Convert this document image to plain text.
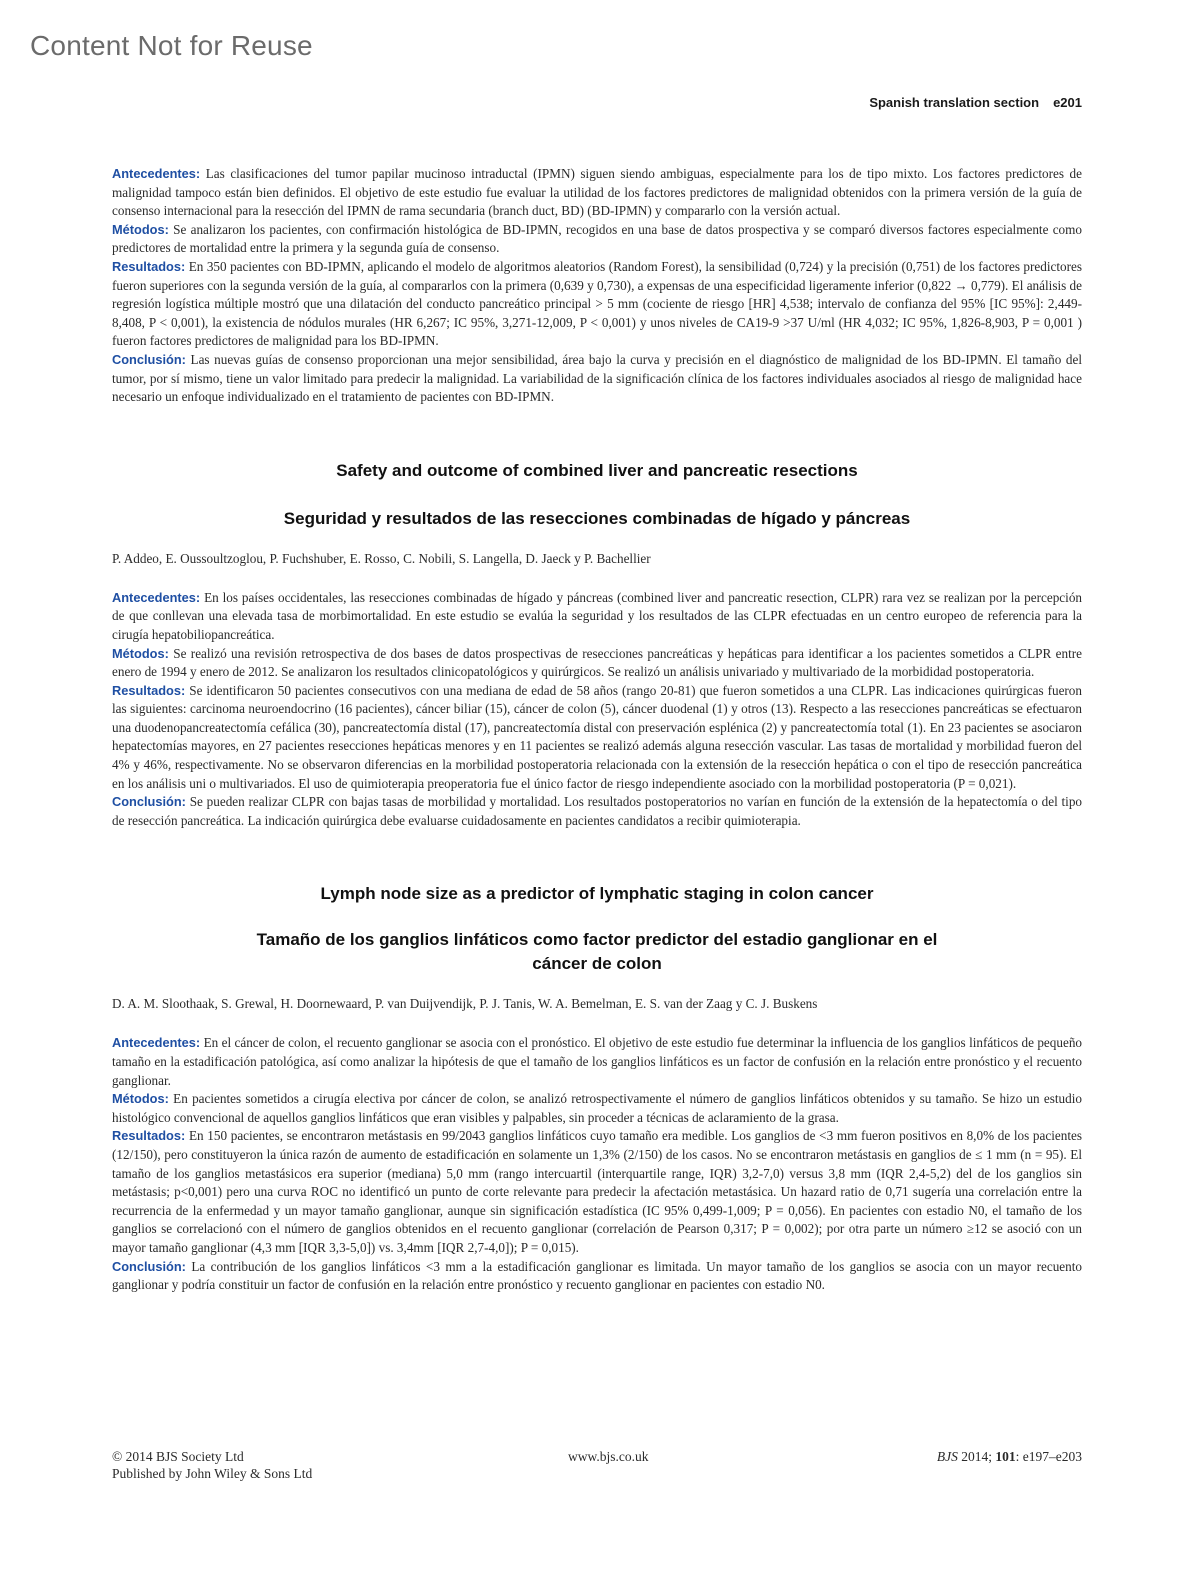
Content Not for Reuse
Spanish translation section e201

Antecedentes: Las clasificaciones del tumor papilar mucinoso intraductal (IPMN) siguen siendo ambiguas, especialmente para los de tipo mixto. Los factores predictores de malignidad tampoco están bien definidos. El objetivo de este estudio fue evaluar la utilidad de los factores predictores de malignidad obtenidos con la primera versión de la guía de consenso internacional para la resección del IPMN de rama secundaria (branch duct, BD) (BD-IPMN) y compararlo con la versión actual.

Métodos: Se analizaron los pacientes, con confirmación histológica de BD-IPMN, recogidos en una base de datos prospectiva y se comparó diversos factores especialmente como predictores de mortalidad entre la primera y la segunda guía de consenso.

Resultados: En 350 pacientes con BD-IPMN, aplicando el modelo de algoritmos aleatorios (Random Forest), la sensibilidad (0,724) y la precisión (0,751) de los factores predictores fueron superiores con la segunda versión de la guía, al compararlos con la primera (0,639 y 0,730), a expensas de una especificidad ligeramente inferior (0,822 → 0,779). El análisis de regresión logística múltiple mostró que una dilatación del conducto pancreático principal > 5 mm (cociente de riesgo [HR] 4,538; intervalo de confianza del 95% [IC 95%]: 2,449-8,408, P < 0,001), la existencia de nódulos murales (HR 6,267; IC 95%, 3,271-12,009, P < 0,001) y unos niveles de CA19-9 >37 U/ml (HR 4,032; IC 95%, 1,826-8,903, P = 0,001 ) fueron factores predictores de malignidad para los BD-IPMN.

Conclusión: Las nuevas guías de consenso proporcionan una mejor sensibilidad, área bajo la curva y precisión en el diagnóstico de malignidad de los BD-IPMN. El tamaño del tumor, por sí mismo, tiene un valor limitado para predecir la malignidad. La variabilidad de la significación clínica de los factores individuales asociados al riesgo de malignidad hace necesario un enfoque individualizado en el tratamiento de pacientes con BD-IPMN.

Safety and outcome of combined liver and pancreatic resections
Seguridad y resultados de las resecciones combinadas de hígado y páncreas

P. Addeo, E. Oussoultzoglou, P. Fuchshuber, E. Rosso, C. Nobili, S. Langella, D. Jaeck y P. Bachellier

Antecedentes: En los países occidentales, las resecciones combinadas de hígado y páncreas (combined liver and pancreatic resection, CLPR) rara vez se realizan por la percepción de que conllevan una elevada tasa de morbimortalidad. En este estudio se evalúa la seguridad y los resultados de las CLPR efectuadas en un centro europeo de referencia para la cirugía hepatobiliopancreática.

Métodos: Se realizó una revisión retrospectiva de dos bases de datos prospectivas de resecciones pancreáticas y hepáticas para identificar a los pacientes sometidos a CLPR entre enero de 1994 y enero de 2012. Se analizaron los resultados clinicopatológicos y quirúrgicos. Se realizó un análisis univariado y multivariado de la morbididad postoperatoria.

Resultados: Se identificaron 50 pacientes consecutivos con una mediana de edad de 58 años (rango 20-81) que fueron sometidos a una CLPR. Las indicaciones quirúrgicas fueron las siguientes: carcinoma neuroendocrino (16 pacientes), cáncer biliar (15), cáncer de colon (5), cáncer duodenal (1) y otros (13). Respecto a las resecciones pancreáticas se efectuaron una duodenopancreatectomía cefálica (30), pancreatectomía distal (17), pancreatectomía distal con preservación esplénica (2) y pancreatectomía total (1). En 23 pacientes se asociaron hepatectomías mayores, en 27 pacientes resecciones hepáticas menores y en 11 pacientes se realizó además alguna resección vascular. Las tasas de mortalidad y morbilidad fueron del 4% y 46%, respectivamente. No se observaron diferencias en la morbilidad postoperatoria relacionada con la extensión de la resección hepática o con el tipo de resección pancreática en los análisis uni o multivariados. El uso de quimioterapia preoperatoria fue el único factor de riesgo independiente asociado con la morbilidad postoperatoria (P = 0,021).

Conclusión: Se pueden realizar CLPR con bajas tasas de morbilidad y mortalidad. Los resultados postoperatorios no varían en función de la extensión de la hepatectomía o del tipo de resección pancreática. La indicación quirúrgica debe evaluarse cuidadosamente en pacientes candidatos a recibir quimioterapia.

Lymph node size as a predictor of lymphatic staging in colon cancer
Tamaño de los ganglios linfáticos como factor predictor del estadio ganglionar en el
cáncer de colon

D. A. M. Sloothaak, S. Grewal, H. Doornewaard, P. van Duijvendijk, P. J. Tanis, W. A. Bemelman, E. S. van der Zaag y C. J. Buskens

Antecedentes: En el cáncer de colon, el recuento ganglionar se asocia con el pronóstico. El objetivo de este estudio fue determinar la influencia de los ganglios linfáticos de pequeño tamaño en la estadificación patológica, así como analizar la hipótesis de que el tamaño de los ganglios linfáticos es un factor de confusión en la relación entre pronóstico y el recuento ganglionar.

Métodos: En pacientes sometidos a cirugía electiva por cáncer de colon, se analizó retrospectivamente el número de ganglios linfáticos obtenidos y su tamaño. Se hizo un estudio histológico convencional de aquellos ganglios linfáticos que eran visibles y palpables, sin proceder a técnicas de aclaramiento de la grasa.

Resultados: En 150 pacientes, se encontraron metástasis en 99/2043 ganglios linfáticos cuyo tamaño era medible. Los ganglios de <3 mm fueron positivos en 8,0% de los pacientes (12/150), pero constituyeron la única razón de aumento de estadificación en solamente un 1,3% (2/150) de los casos. No se encontraron metástasis en ganglios de ≤ 1 mm (n = 95). El tamaño de los ganglios metastásicos era superior (mediana) 5,0 mm (rango intercuartil (interquartile range, IQR) 3,2-7,0) versus 3,8 mm (IQR 2,4-5,2) del de los ganglios sin metástasis; p<0,001) pero una curva ROC no identificó un punto de corte relevante para predecir la afectación metastásica. Un hazard ratio de 0,71 sugería una correlación entre la recurrencia de la enfermedad y un mayor tamaño ganglionar, aunque sin significación estadística (IC 95% 0,499-1,009; P = 0,056). En pacientes con estadio N0, el tamaño de los ganglios se correlacionó con el número de ganglios obtenidos en el recuento ganglionar (correlación de Pearson 0,317; P = 0,002); por otra parte un número ≥12 se asoció con un mayor tamaño ganglionar (4,3 mm [IQR 3,3-5,0]) vs. 3,4mm [IQR 2,7-4,0]); P = 0,015).

Conclusión: La contribución de los ganglios linfáticos <3 mm a la estadificación ganglionar es limitada. Un mayor tamaño de los ganglios se asocia con un mayor recuento ganglionar y podría constituir un factor de confusión en la relación entre pronóstico y recuento ganglionar en pacientes con estadio N0.

© 2014 BJS Society Ltd
Published by John Wiley & Sons Ltd
www.bjs.co.uk	BJS 2014; 101: e197–e203
